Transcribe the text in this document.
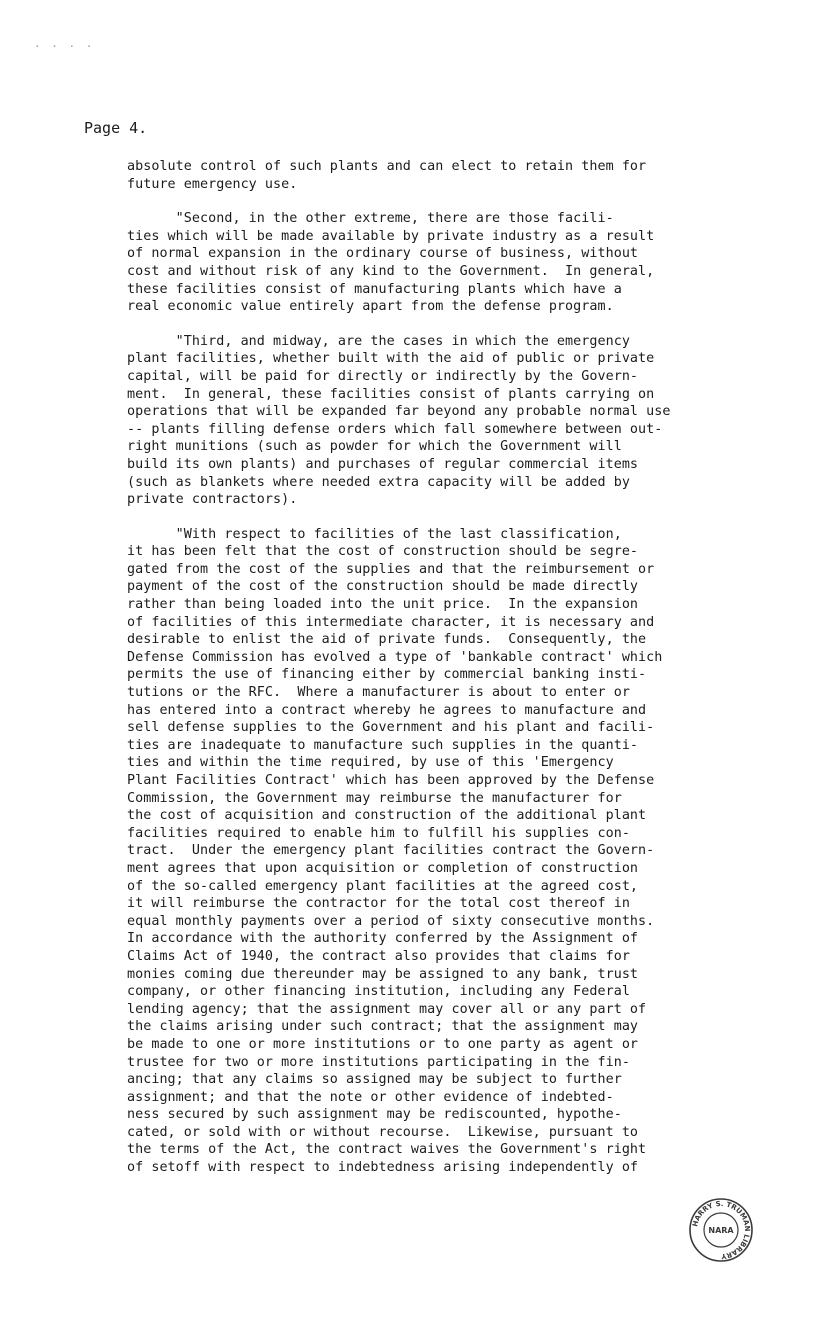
· · · ·
Page 4.
absolute control of such plants and can elect to retain them for
future emergency use.
"Second, in the other extreme, there are those facili-
ties which will be made available by private industry as a result
of normal expansion in the ordinary course of business, without
cost and without risk of any kind to the Government.  In general,
these facilities consist of manufacturing plants which have a
real economic value entirely apart from the defense program.
"Third, and midway, are the cases in which the emergency
plant facilities, whether built with the aid of public or private
capital, will be paid for directly or indirectly by the Govern-
ment.  In general, these facilities consist of plants carrying on
operations that will be expanded far beyond any probable normal use
-- plants filling defense orders which fall somewhere between out-
right munitions (such as powder for which the Government will
build its own plants) and purchases of regular commercial items
(such as blankets where needed extra capacity will be added by
private contractors).
"With respect to facilities of the last classification,
it has been felt that the cost of construction should be segre-
gated from the cost of the supplies and that the reimbursement or
payment of the cost of the construction should be made directly
rather than being loaded into the unit price.  In the expansion
of facilities of this intermediate character, it is necessary and
desirable to enlist the aid of private funds.  Consequently, the
Defense Commission has evolved a type of 'bankable contract' which
permits the use of financing either by commercial banking insti-
tutions or the RFC.  Where a manufacturer is about to enter or
has entered into a contract whereby he agrees to manufacture and
sell defense supplies to the Government and his plant and facili-
ties are inadequate to manufacture such supplies in the quanti-
ties and within the time required, by use of this 'Emergency
Plant Facilities Contract' which has been approved by the Defense
Commission, the Government may reimburse the manufacturer for
the cost of acquisition and construction of the additional plant
facilities required to enable him to fulfill his supplies con-
tract.  Under the emergency plant facilities contract the Govern-
ment agrees that upon acquisition or completion of construction
of the so-called emergency plant facilities at the agreed cost,
it will reimburse the contractor for the total cost thereof in
equal monthly payments over a period of sixty consecutive months.
In accordance with the authority conferred by the Assignment of
Claims Act of 1940, the contract also provides that claims for
monies coming due thereunder may be assigned to any bank, trust
company, or other financing institution, including any Federal
lending agency; that the assignment may cover all or any part of
the claims arising under such contract; that the assignment may
be made to one or more institutions or to one party as agent or
trustee for two or more institutions participating in the fin-
ancing; that any claims so assigned may be subject to further
assignment; and that the note or other evidence of indebted-
ness secured by such assignment may be rediscounted, hypothe-
cated, or sold with or without recourse.  Likewise, pursuant to
the terms of the Act, the contract waives the Government's right
of setoff with respect to indebtedness arising independently of
HARRY S. TRUMAN LIBRARY
NARA
